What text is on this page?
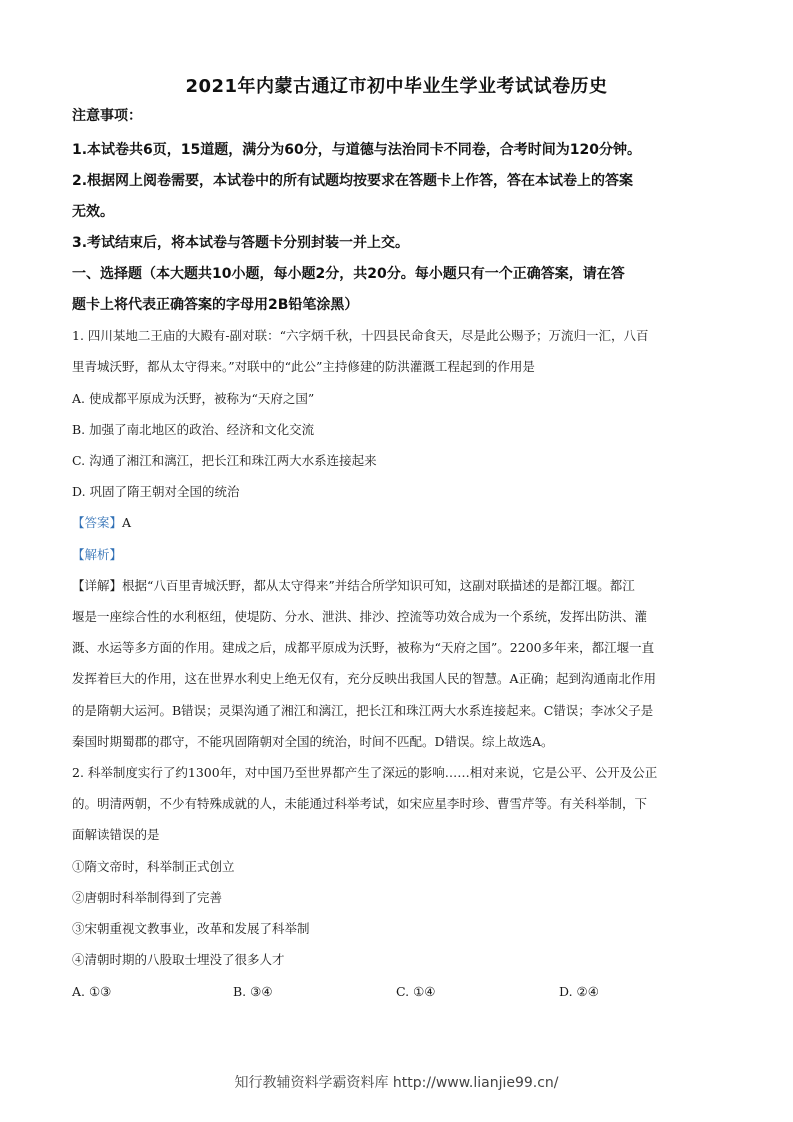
2021年内蒙古通辽市初中毕业生学业考试试卷历史
注意事项：
1.本试卷共6页，15道题，满分为60分，与道德与法治同卡不同卷，合考时间为120分钟。
2.根据网上阅卷需要，本试卷中的所有试题均按要求在答题卡上作答，答在本试卷上的答案
无效。
3.考试结束后，将本试卷与答题卡分别封装一并上交。
一、选择题（本大题共10小题，每小题2分，共20分。每小题只有一个正确答案，请在答
题卡上将代表正确答案的字母用2B铅笔涂黑）
1. 四川某地二王庙的大殿有-副对联：“六字炳千秋，十四县民命食天，尽是此公赐予；万流归一汇，八百
里青城沃野，都从太守得来。”对联中的“此公”主持修建的防洪灌溉工程起到的作用是
A. 使成都平原成为沃野，被称为“天府之国”
B. 加强了南北地区的政治、经济和文化交流
C. 沟通了湘江和漓江，把长江和珠江两大水系连接起来
D. 巩固了隋王朝对全国的统治
【答案】A
【解析】
【详解】根据“八百里青城沃野，都从太守得来”并结合所学知识可知，这副对联描述的是都江堰。都江
堰是一座综合性的水利枢纽，使堤防、分水、泄洪、排沙、控流等功效合成为一个系统，发挥出防洪、灌
溉、水运等多方面的作用。建成之后，成都平原成为沃野，被称为“天府之国”。2200多年来，都江堰一直
发挥着巨大的作用，这在世界水利史上绝无仅有，充分反映出我国人民的智慧。A正确；起到沟通南北作用
的是隋朝大运河。B错误；灵渠沟通了湘江和漓江，把长江和珠江两大水系连接起来。C错误；李冰父子是
秦国时期蜀郡的郡守，不能巩固隋朝对全国的统治，时间不匹配。D错误。综上故选A。
2. 科举制度实行了约1300年，对中国乃至世界都产生了深远的影响……相对来说，它是公平、公开及公正
的。明清两朝，不少有特殊成就的人，未能通过科举考试，如宋应星李时珍、曹雪芹等。有关科举制，下
面解读错误的是
①隋文帝时，科举制正式创立
②唐朝时科举制得到了完善
③宋朝重视文教事业，改革和发展了科举制
④清朝时期的八股取士埋没了很多人才
A. ①③	B. ③④	C. ①④	D. ②④
知行教辅资料学霸资料库 http://www.lianjie99.cn/
